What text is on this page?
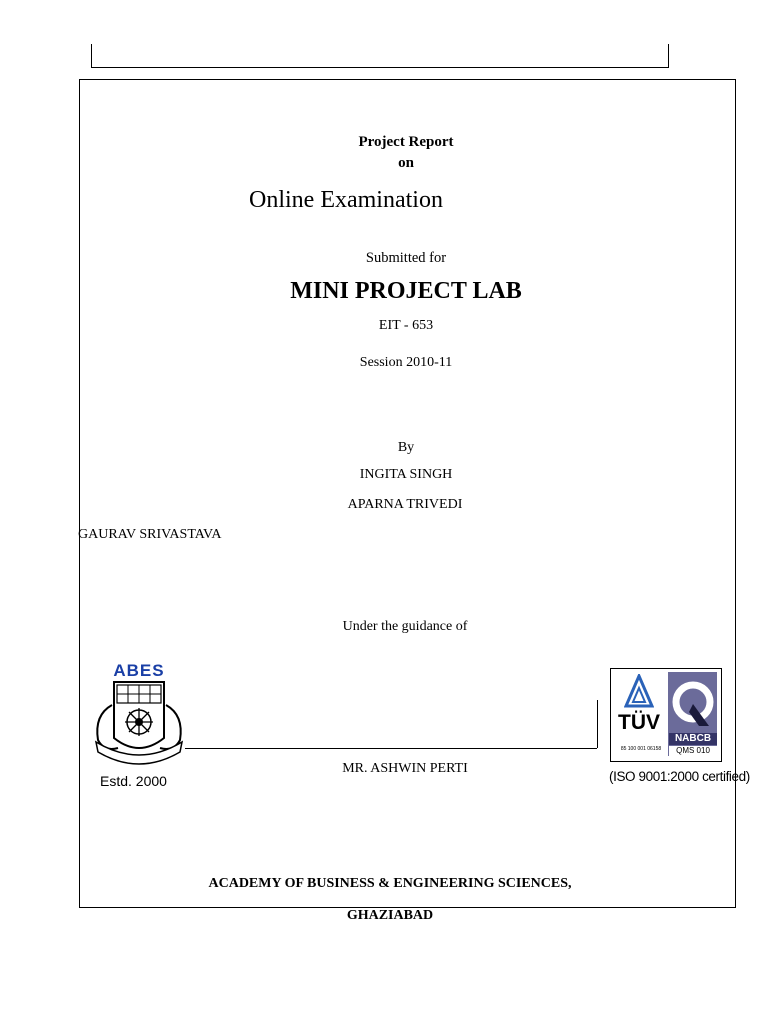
Project Report
on
Online Examination
Submitted for
MINI PROJECT LAB
EIT - 653
Session 2010-11
By
INGITA SINGH
APARNA TRIVEDI
GAURAV SRIVASTAVA
Under the guidance of
ABES
Estd. 2000
MR. ASHWIN PERTI
TÜV
85 100 001 06158
NABCB
QMS 010
(ISO 9001:2000 certified)
ACADEMY OF BUSINESS & ENGINEERING SCIENCES,
GHAZIABAD
